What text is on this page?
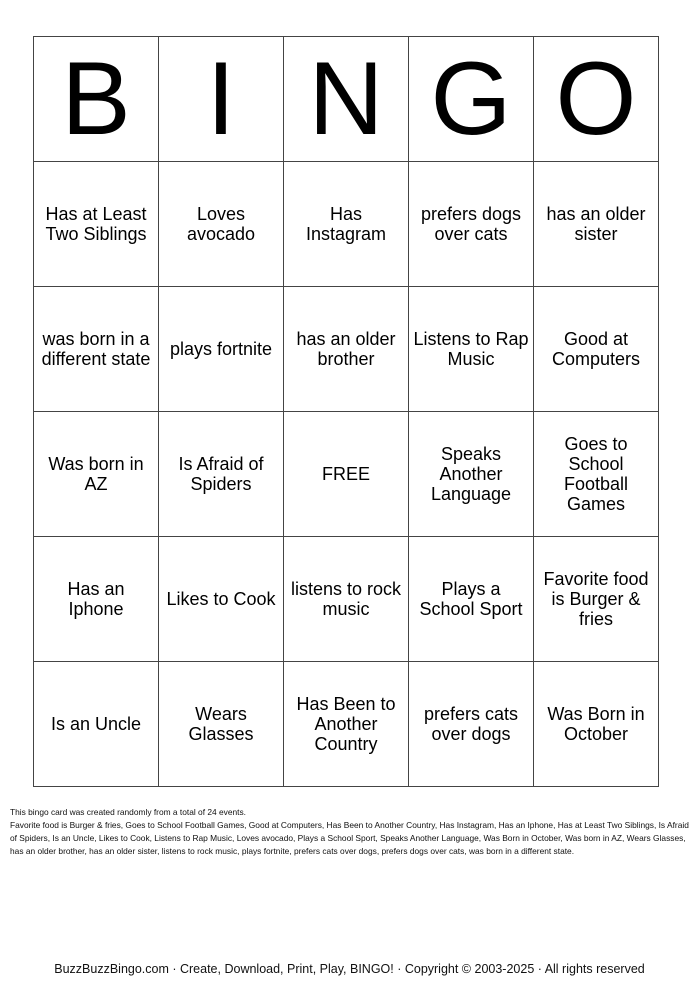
B	I	N	G	O
Has at Least Two Siblings	Loves avocado	Has Instagram	prefers dogs over cats	has an older sister
was born in a different state	plays fortnite	has an older brother	Listens to Rap Music	Good at Computers
Was born in AZ	Is Afraid of Spiders	FREE	Speaks Another Language	Goes to School Football Games
Has an Iphone	Likes to Cook	listens to rock music	Plays a School Sport	Favorite food is Burger & fries
Is an Uncle	Wears Glasses	Has Been to Another Country	prefers cats over dogs	Was Born in October

This bingo card was created randomly from a total of 24 events.

Favorite food is Burger & fries, Goes to School Football Games, Good at Computers, Has Been to Another Country, Has Instagram, Has an Iphone, Has at Least Two Siblings, Is Afraid of Spiders, Is an Uncle, Likes to Cook, Listens to Rap Music, Loves avocado, Plays a School Sport, Speaks Another Language, Was Born in October, Was born in AZ, Wears Glasses, has an older brother, has an older sister, listens to rock music, plays fortnite, prefers cats over dogs, prefers dogs over cats, was born in a different state.

BuzzBuzzBingo.com · Create, Download, Print, Play, BINGO! · Copyright © 2003-2025 · All rights reserved
